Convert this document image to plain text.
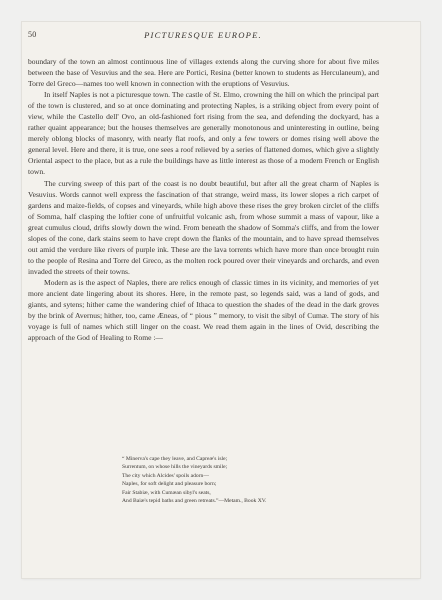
50	PICTURESQUE EUROPE.

boundary of the town an almost continuous line of villages extends along the curving shore for about five miles between the base of Vesuvius and the sea. Here are Portici, Resina (better known to students as Herculaneum), and Torre del Greco—names too well known in connection with the eruptions of Vesuvius.

In itself Naples is not a picturesque town. The castle of St. Elmo, crowning the hill on which the principal part of the town is clustered, and so at once dominating and protecting Naples, is a striking object from every point of view, while the Castello dell' Ovo, an old-fashioned fort rising from the sea, and defending the dockyard, has a rather quaint appearance; but the houses themselves are generally monotonous and uninteresting in outline, being merely oblong blocks of masonry, with nearly flat roofs, and only a few towers or domes rising well above the general level. Here and there, it is true, one sees a roof relieved by a series of flattened domes, which give a slightly Oriental aspect to the place, but as a rule the buildings have as little interest as those of a modern French or English town.

The curving sweep of this part of the coast is no doubt beautiful, but after all the great charm of Naples is Vesuvius. Words cannot well express the fascination of that strange, weird mass, its lower slopes a rich carpet of gardens and maize-fields, of copses and vineyards, while high above these rises the grey broken circlet of the cliffs of Somma, half clasping the loftier cone of unfruitful volcanic ash, from whose summit a mass of vapour, like a great cumulus cloud, drifts slowly down the wind. From beneath the shadow of Somma's cliffs, and from the lower slopes of the cone, dark stains seem to have crept down the flanks of the mountain, and to have spread themselves out amid the verdure like rivers of purple ink. These are the lava torrents which have more than once brought ruin to the people of Resina and Torre del Greco, as the molten rock poured over their vineyards and orchards, and even invaded the streets of their towns.

Modern as is the aspect of Naples, there are relics enough of classic times in its vicinity, and memories of yet more ancient date lingering about its shores. Here, in the remote past, so legends said, was a land of gods, and giants, and sytens; hither came the wandering chief of Ithaca to question the shades of the dead in the dark groves by the brink of Avernus; hither, too, came Æneas, of “ pious ” memory, to visit the sibyl of Cumæ. The story of his voyage is full of names which still linger on the coast. We read them again in the lines of Ovid, describing the approach of the God of Healing to Rome :—

“ Minerva's cape they leave, and Capreæ's isle;
Surrentum, on whose hills the vineyards smile;
The city which Alcides' spoils adorn—
Naples, for soft delight and pleasure born;
Fair Stabiæ, with Cumæan sibyl's seats,
And Baiæ's tepid baths and green retreats.”—Metam., Book XV.
